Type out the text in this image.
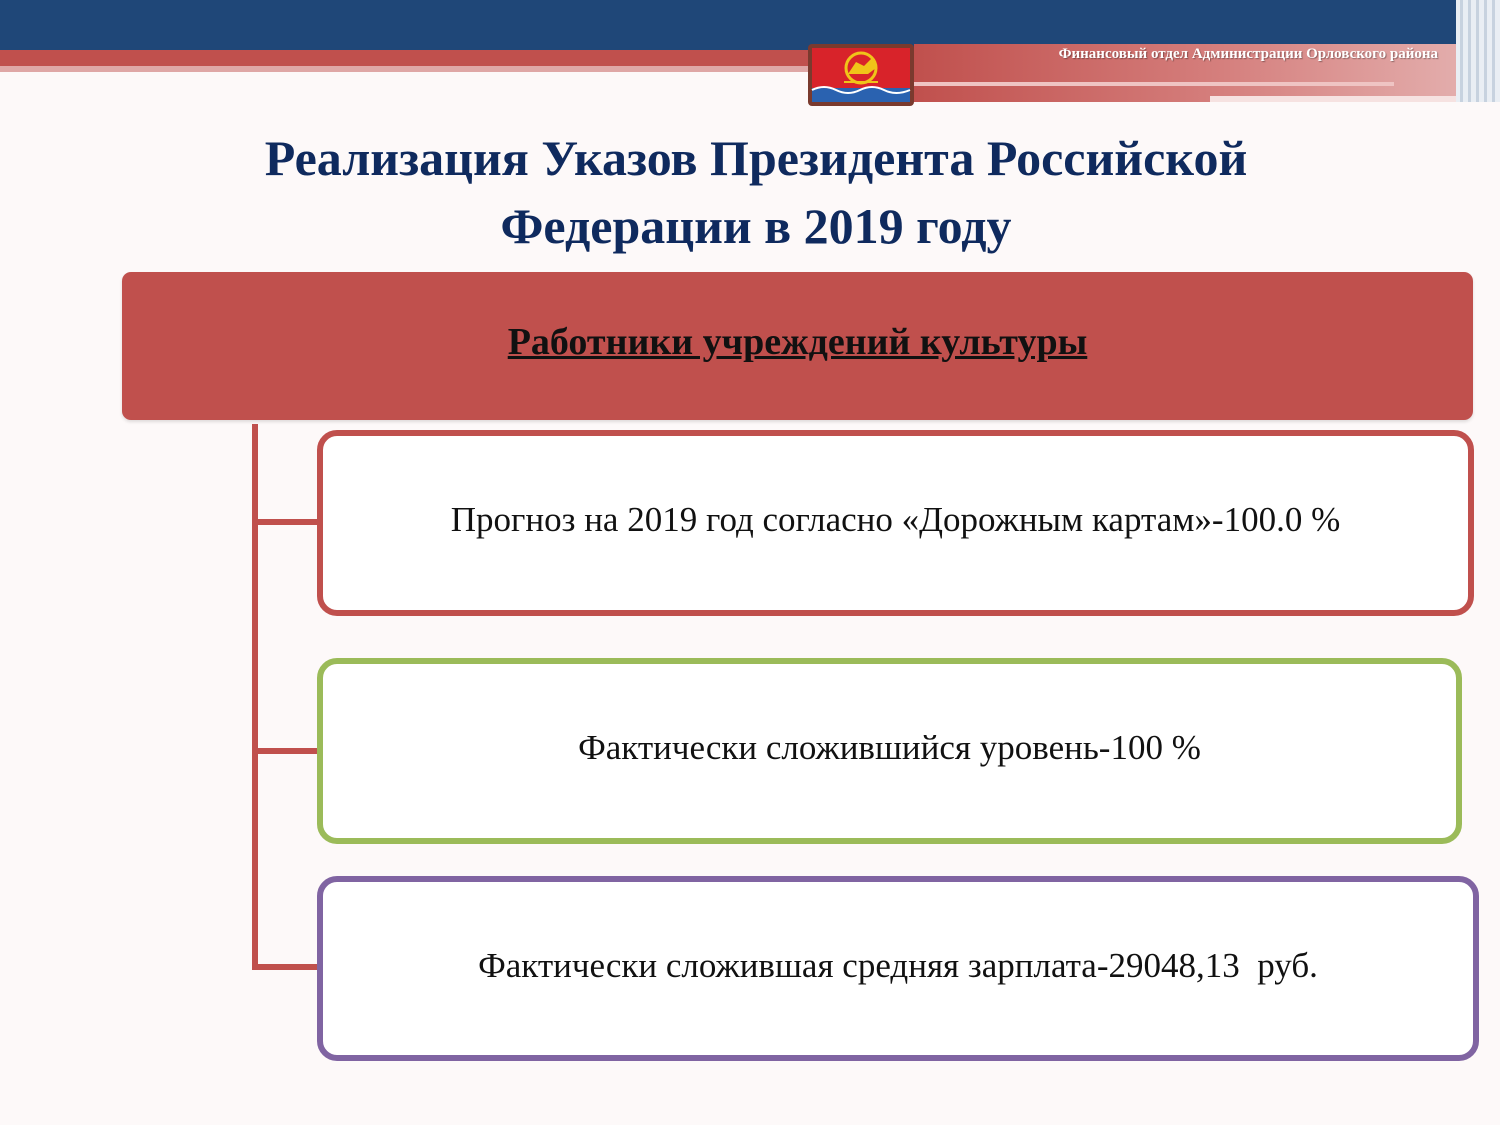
Финансовый отдел Администрации Орловского района
Реализация Указов Президента Российской
Федерации в 2019 году
Работники учреждений культуры
Прогноз на 2019 год согласно «Дорожным картам»-100.0 %
Фактически сложившийся уровень-100 %
Фактически сложившая средняя зарплата-29048,13  руб.
